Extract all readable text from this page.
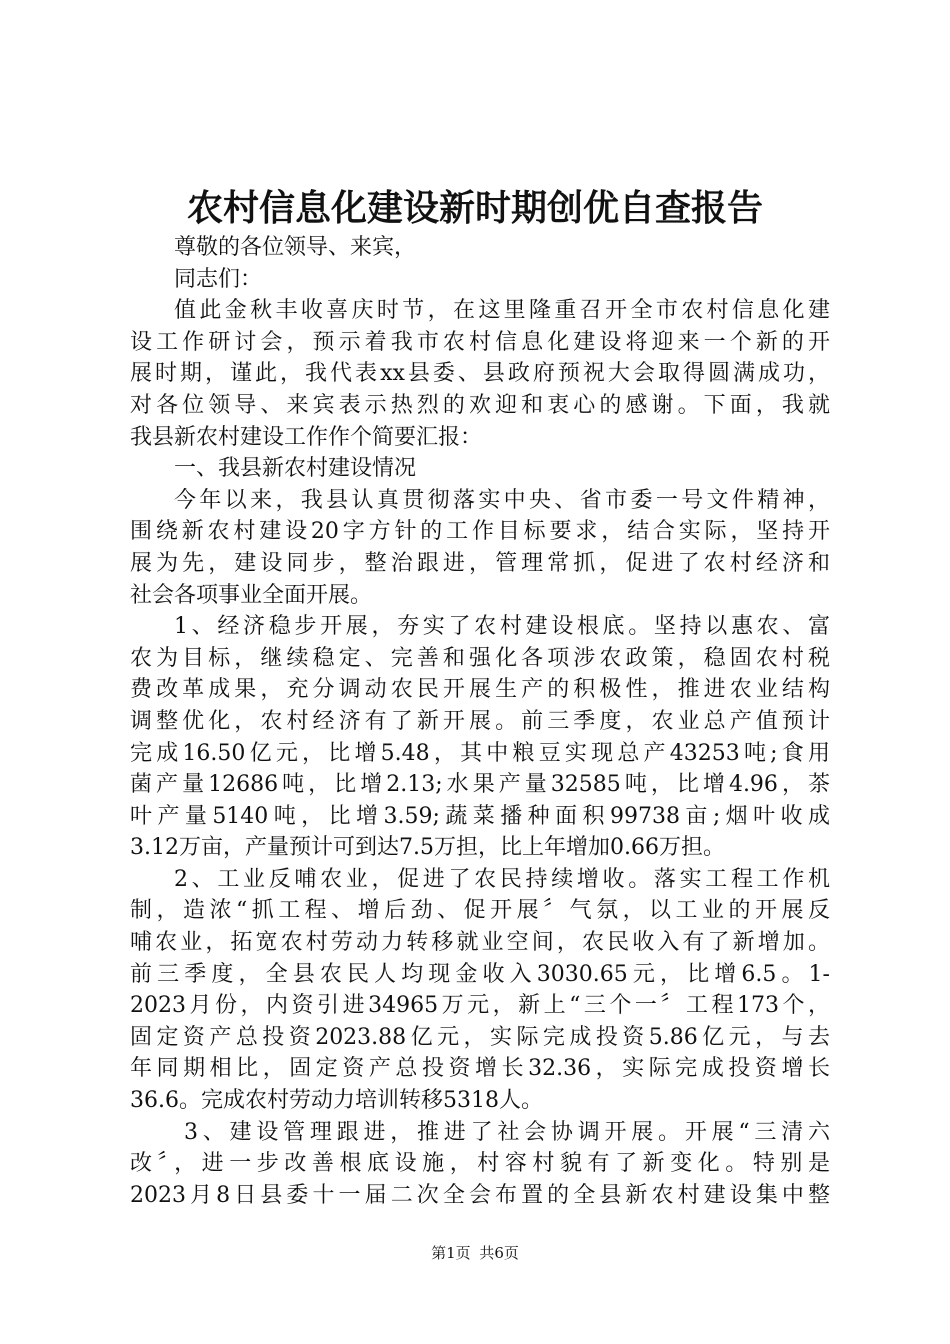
农村信息化建设新时期创优自查报告
尊敬的各位领导、来宾，
同志们：
值此金秋丰收喜庆时节，在这里隆重召开全市农村信息化建
设工作研讨会，预示着我市农村信息化建设将迎来一个新的开
展时期，谨此，我代表xx县委、县政府预祝大会取得圆满成功，
对各位领导、来宾表示热烈的欢迎和衷心的感谢。下面，我就
我县新农村建设工作作个简要汇报：
一、我县新农村建设情况
今年以来，我县认真贯彻落实中央、省市委一号文件精神，
围绕新农村建设20字方针的工作目标要求，结合实际，坚持开
展为先，建设同步，整治跟进，管理常抓，促进了农村经济和
社会各项事业全面开展。
1、经济稳步开展，夯实了农村建设根底。坚持以惠农、富
农为目标，继续稳定、完善和强化各项涉农政策，稳固农村税
费改革成果，充分调动农民开展生产的积极性，推进农业结构
调整优化，农村经济有了新开展。前三季度，农业总产值预计
完成16.50亿元，比增5.48，其中粮豆实现总产43253吨;食用
菌产量12686吨，比增2.13;水果产量32585吨，比增4.96，茶
叶产量5140吨，比增3.59;蔬菜播种面积99738亩;烟叶收成
3.12万亩，产量预计可到达7.5万担，比上年增加0.66万担。
2、工业反哺农业，促进了农民持续增收。落实工程工作机
制，造浓“抓工程、增后劲、促开展〞气氛，以工业的开展反
哺农业，拓宽农村劳动力转移就业空间，农民收入有了新增加。
前三季度，全县农民人均现金收入3030.65元，比增6.5。1-
2023月份，内资引进34965万元，新上“三个一〞工程173个，
固定资产总投资2023.88亿元，实际完成投资5.86亿元，与去
年同期相比，固定资产总投资增长32.36，实际完成投资增长
36.6。完成农村劳动力培训转移5318人。
3、建设管理跟进，推进了社会协调开展。开展“三清六
改〞，进一步改善根底设施，村容村貌有了新变化。特别是
2023月8日县委十一届二次全会布置的全县新农村建设集中整
第1页 共6页
